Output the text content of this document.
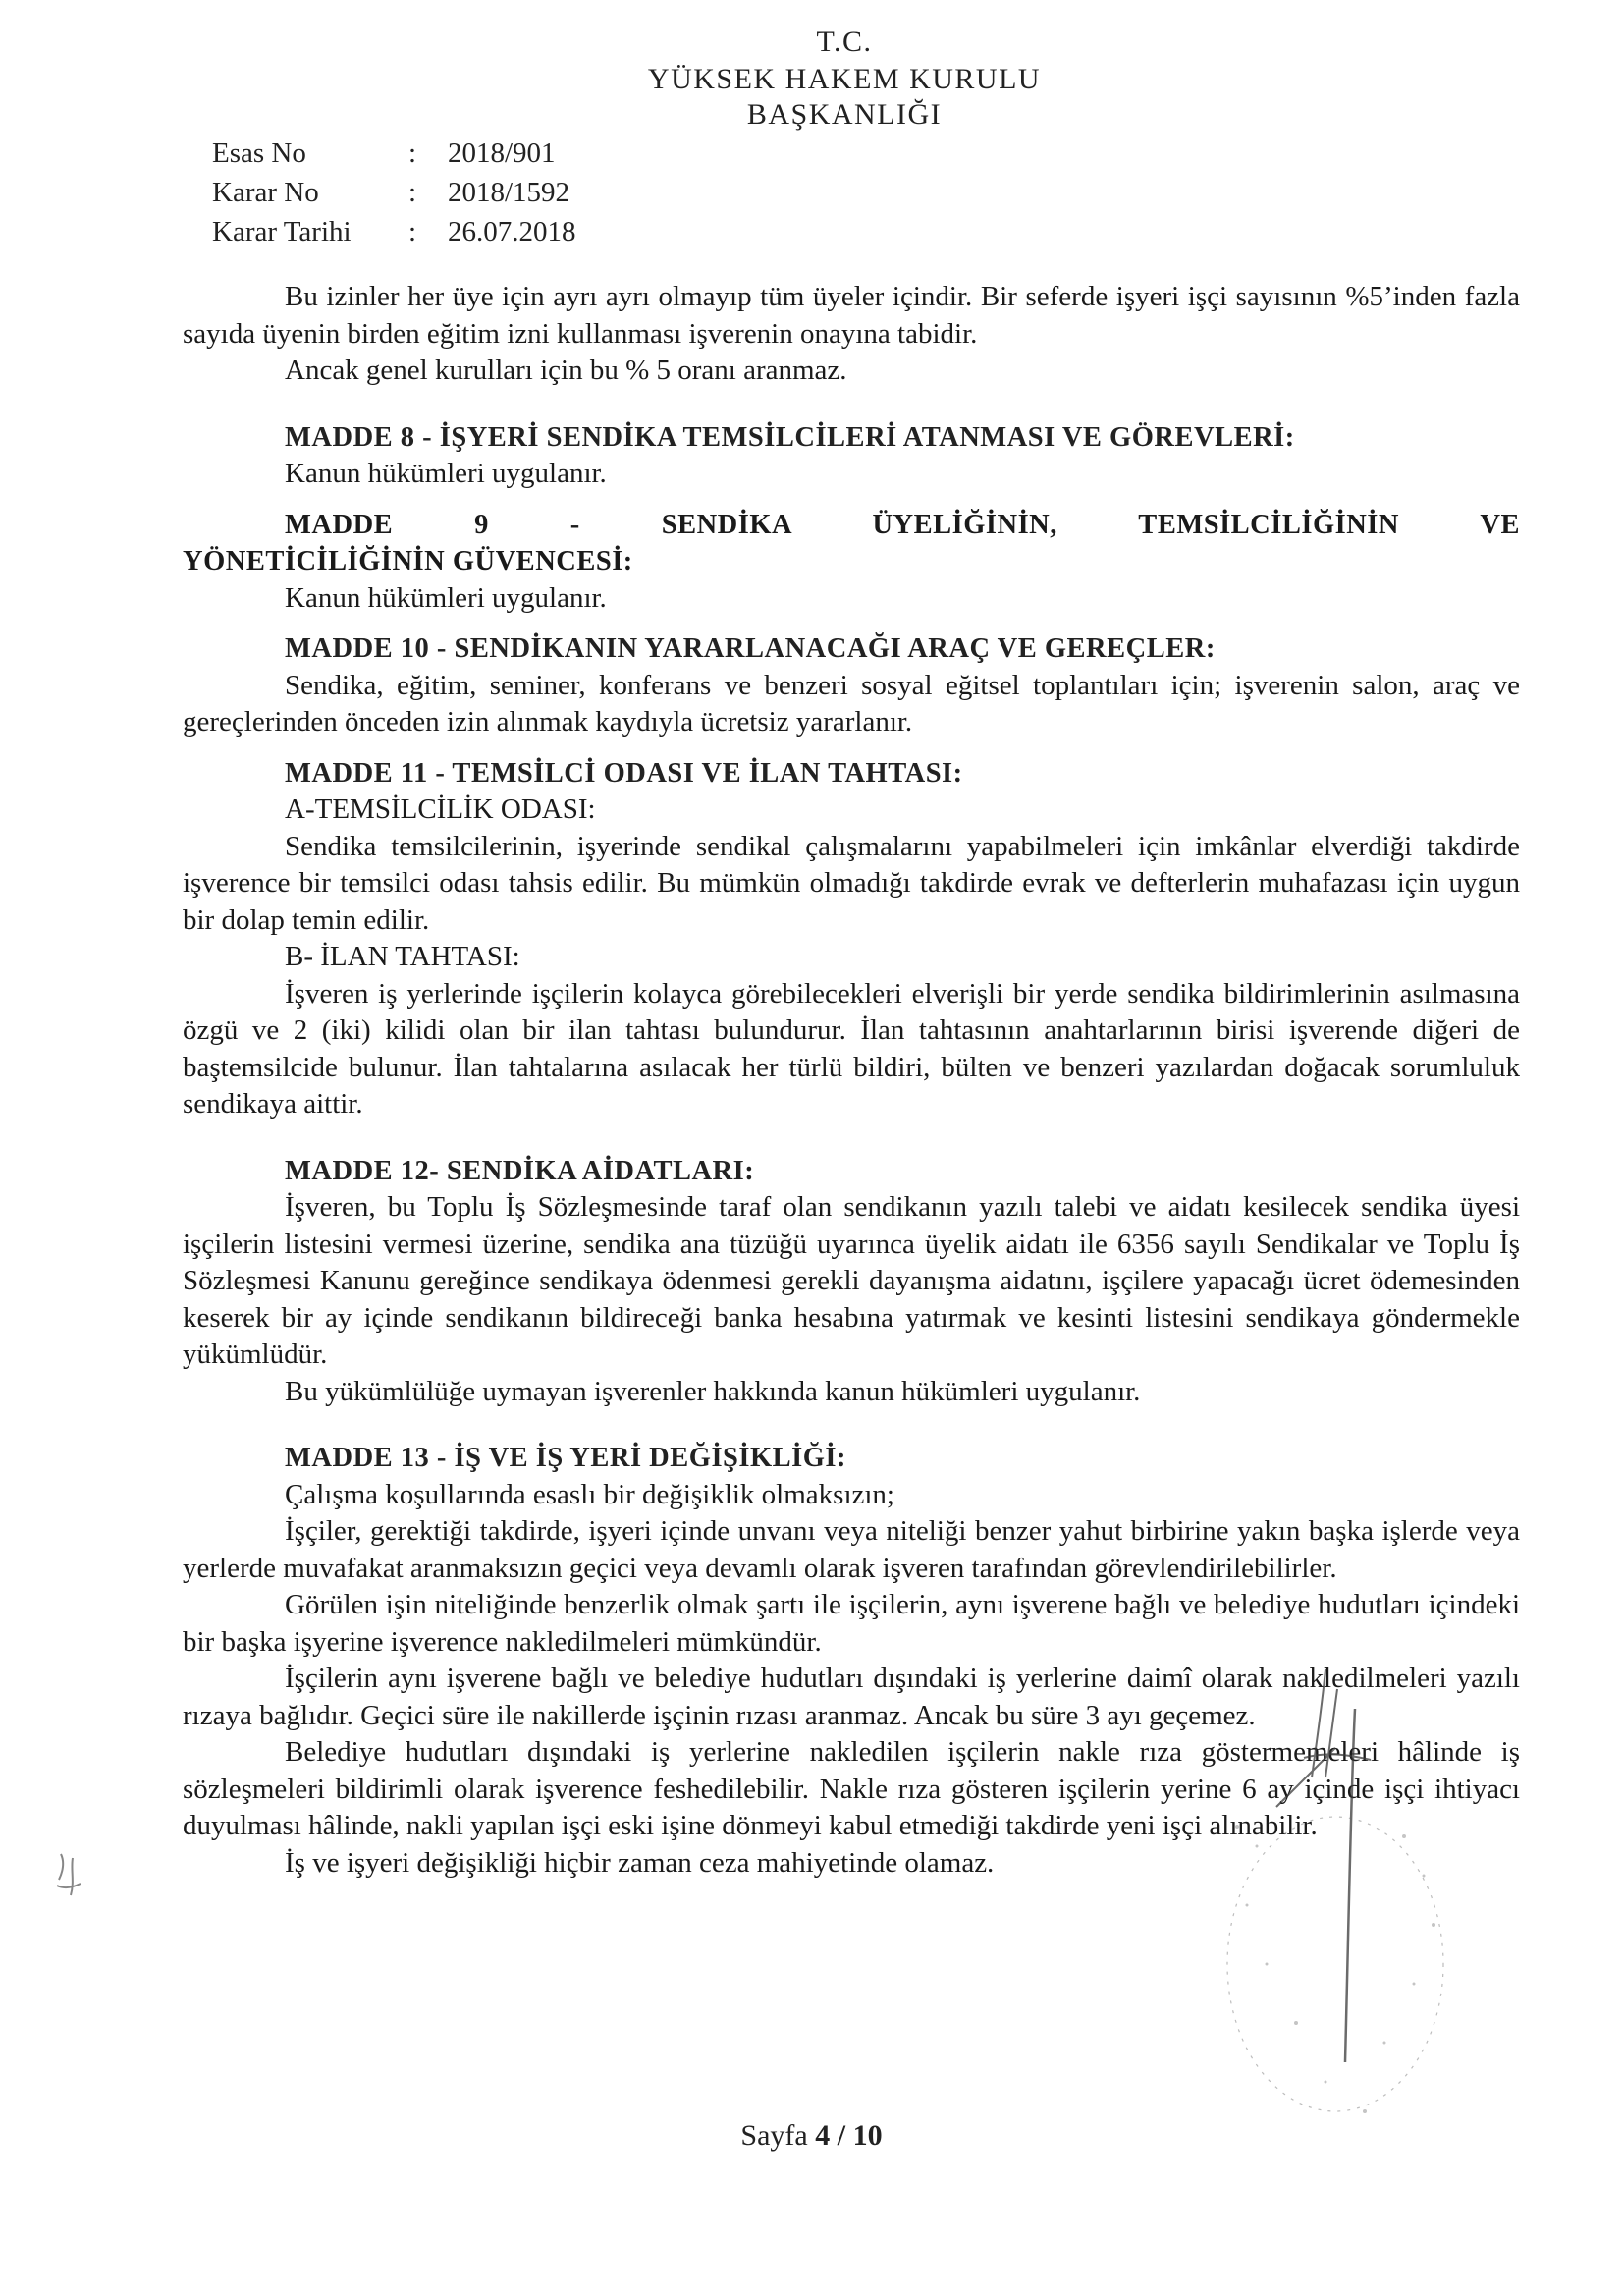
T.C.
YÜKSEK HAKEM KURULU
BAŞKANLIĞI
Esas No	:	2018/901
Karar No	:	2018/1592
Karar Tarihi	:	26.07.2018

Bu izinler her üye için ayrı ayrı olmayıp tüm üyeler içindir. Bir seferde işyeri işçi sayısının %5’inden fazla sayıda üyenin birden eğitim izni kullanması işverenin onayına tabidir.

Ancak genel kurulları için bu % 5 oranı aranmaz.

MADDE 8 - İŞYERİ SENDİKA TEMSİLCİLERİ ATANMASI VE GÖREVLERİ:

Kanun hükümleri uygulanır.

MADDE 9 - SENDİKA ÜYELİĞİNİN, TEMSİLCİLİĞİNİN VE

YÖNETİCİLİĞİNİN GÜVENCESİ:

Kanun hükümleri uygulanır.

MADDE 10 - SENDİKANIN YARARLANACAĞI ARAÇ VE GEREÇLER:

Sendika, eğitim, seminer, konferans ve benzeri sosyal eğitsel toplantıları için; işverenin salon, araç ve gereçlerinden önceden izin alınmak kaydıyla ücretsiz yararlanır.

MADDE 11 - TEMSİLCİ ODASI VE İLAN TAHTASI:

A-TEMSİLCİLİK ODASI:

Sendika temsilcilerinin, işyerinde sendikal çalışmalarını yapabilmeleri için imkânlar elverdiği takdirde işverence bir temsilci odası tahsis edilir. Bu mümkün olmadığı takdirde evrak ve defterlerin muhafazası için uygun bir dolap temin edilir.

B- İLAN TAHTASI:

İşveren iş yerlerinde işçilerin kolayca görebilecekleri elverişli bir yerde sendika bildirimlerinin asılmasına özgü ve 2 (iki) kilidi olan bir ilan tahtası bulundurur. İlan tahtasının anahtarlarının birisi işverende diğeri de baştemsilcide bulunur. İlan tahtalarına asılacak her türlü bildiri, bülten ve benzeri yazılardan doğacak sorumluluk sendikaya aittir.

MADDE 12- SENDİKA AİDATLARI:

İşveren, bu Toplu İş Sözleşmesinde taraf olan sendikanın yazılı talebi ve aidatı kesilecek sendika üyesi işçilerin listesini vermesi üzerine, sendika ana tüzüğü uyarınca üyelik aidatı ile 6356 sayılı Sendikalar ve Toplu İş Sözleşmesi Kanunu gereğince sendikaya ödenmesi gerekli dayanışma aidatını, işçilere yapacağı ücret ödemesinden keserek bir ay içinde sendikanın bildireceği banka hesabına yatırmak ve kesinti listesini sendikaya göndermekle yükümlüdür.

Bu yükümlülüğe uymayan işverenler hakkında kanun hükümleri uygulanır.

MADDE 13 - İŞ VE İŞ YERİ DEĞİŞİKLİĞİ:

Çalışma koşullarında esaslı bir değişiklik olmaksızın;

İşçiler, gerektiği takdirde, işyeri içinde unvanı veya niteliği benzer yahut birbirine yakın başka işlerde veya yerlerde muvafakat aranmaksızın geçici veya devamlı olarak işveren tarafından görevlendirilebilirler.

Görülen işin niteliğinde benzerlik olmak şartı ile işçilerin, aynı işverene bağlı ve belediye hudutları içindeki bir başka işyerine işverence nakledilmeleri mümkündür.

İşçilerin aynı işverene bağlı ve belediye hudutları dışındaki iş yerlerine daimî olarak nakledilmeleri yazılı rızaya bağlıdır. Geçici süre ile nakillerde işçinin rızası aranmaz. Ancak bu süre 3 ayı geçemez.

Belediye hudutları dışındaki iş yerlerine nakledilen işçilerin nakle rıza göstermemeleri hâlinde iş sözleşmeleri bildirimli olarak işverence feshedilebilir. Nakle rıza gösteren işçilerin yerine 6 ay içinde işçi ihtiyacı duyulması hâlinde, nakli yapılan işçi eski işine dönmeyi kabul etmediği takdirde yeni işçi alınabilir.

İş ve işyeri değişikliği hiçbir zaman ceza mahiyetinde olamaz.

Sayfa 4 / 10
